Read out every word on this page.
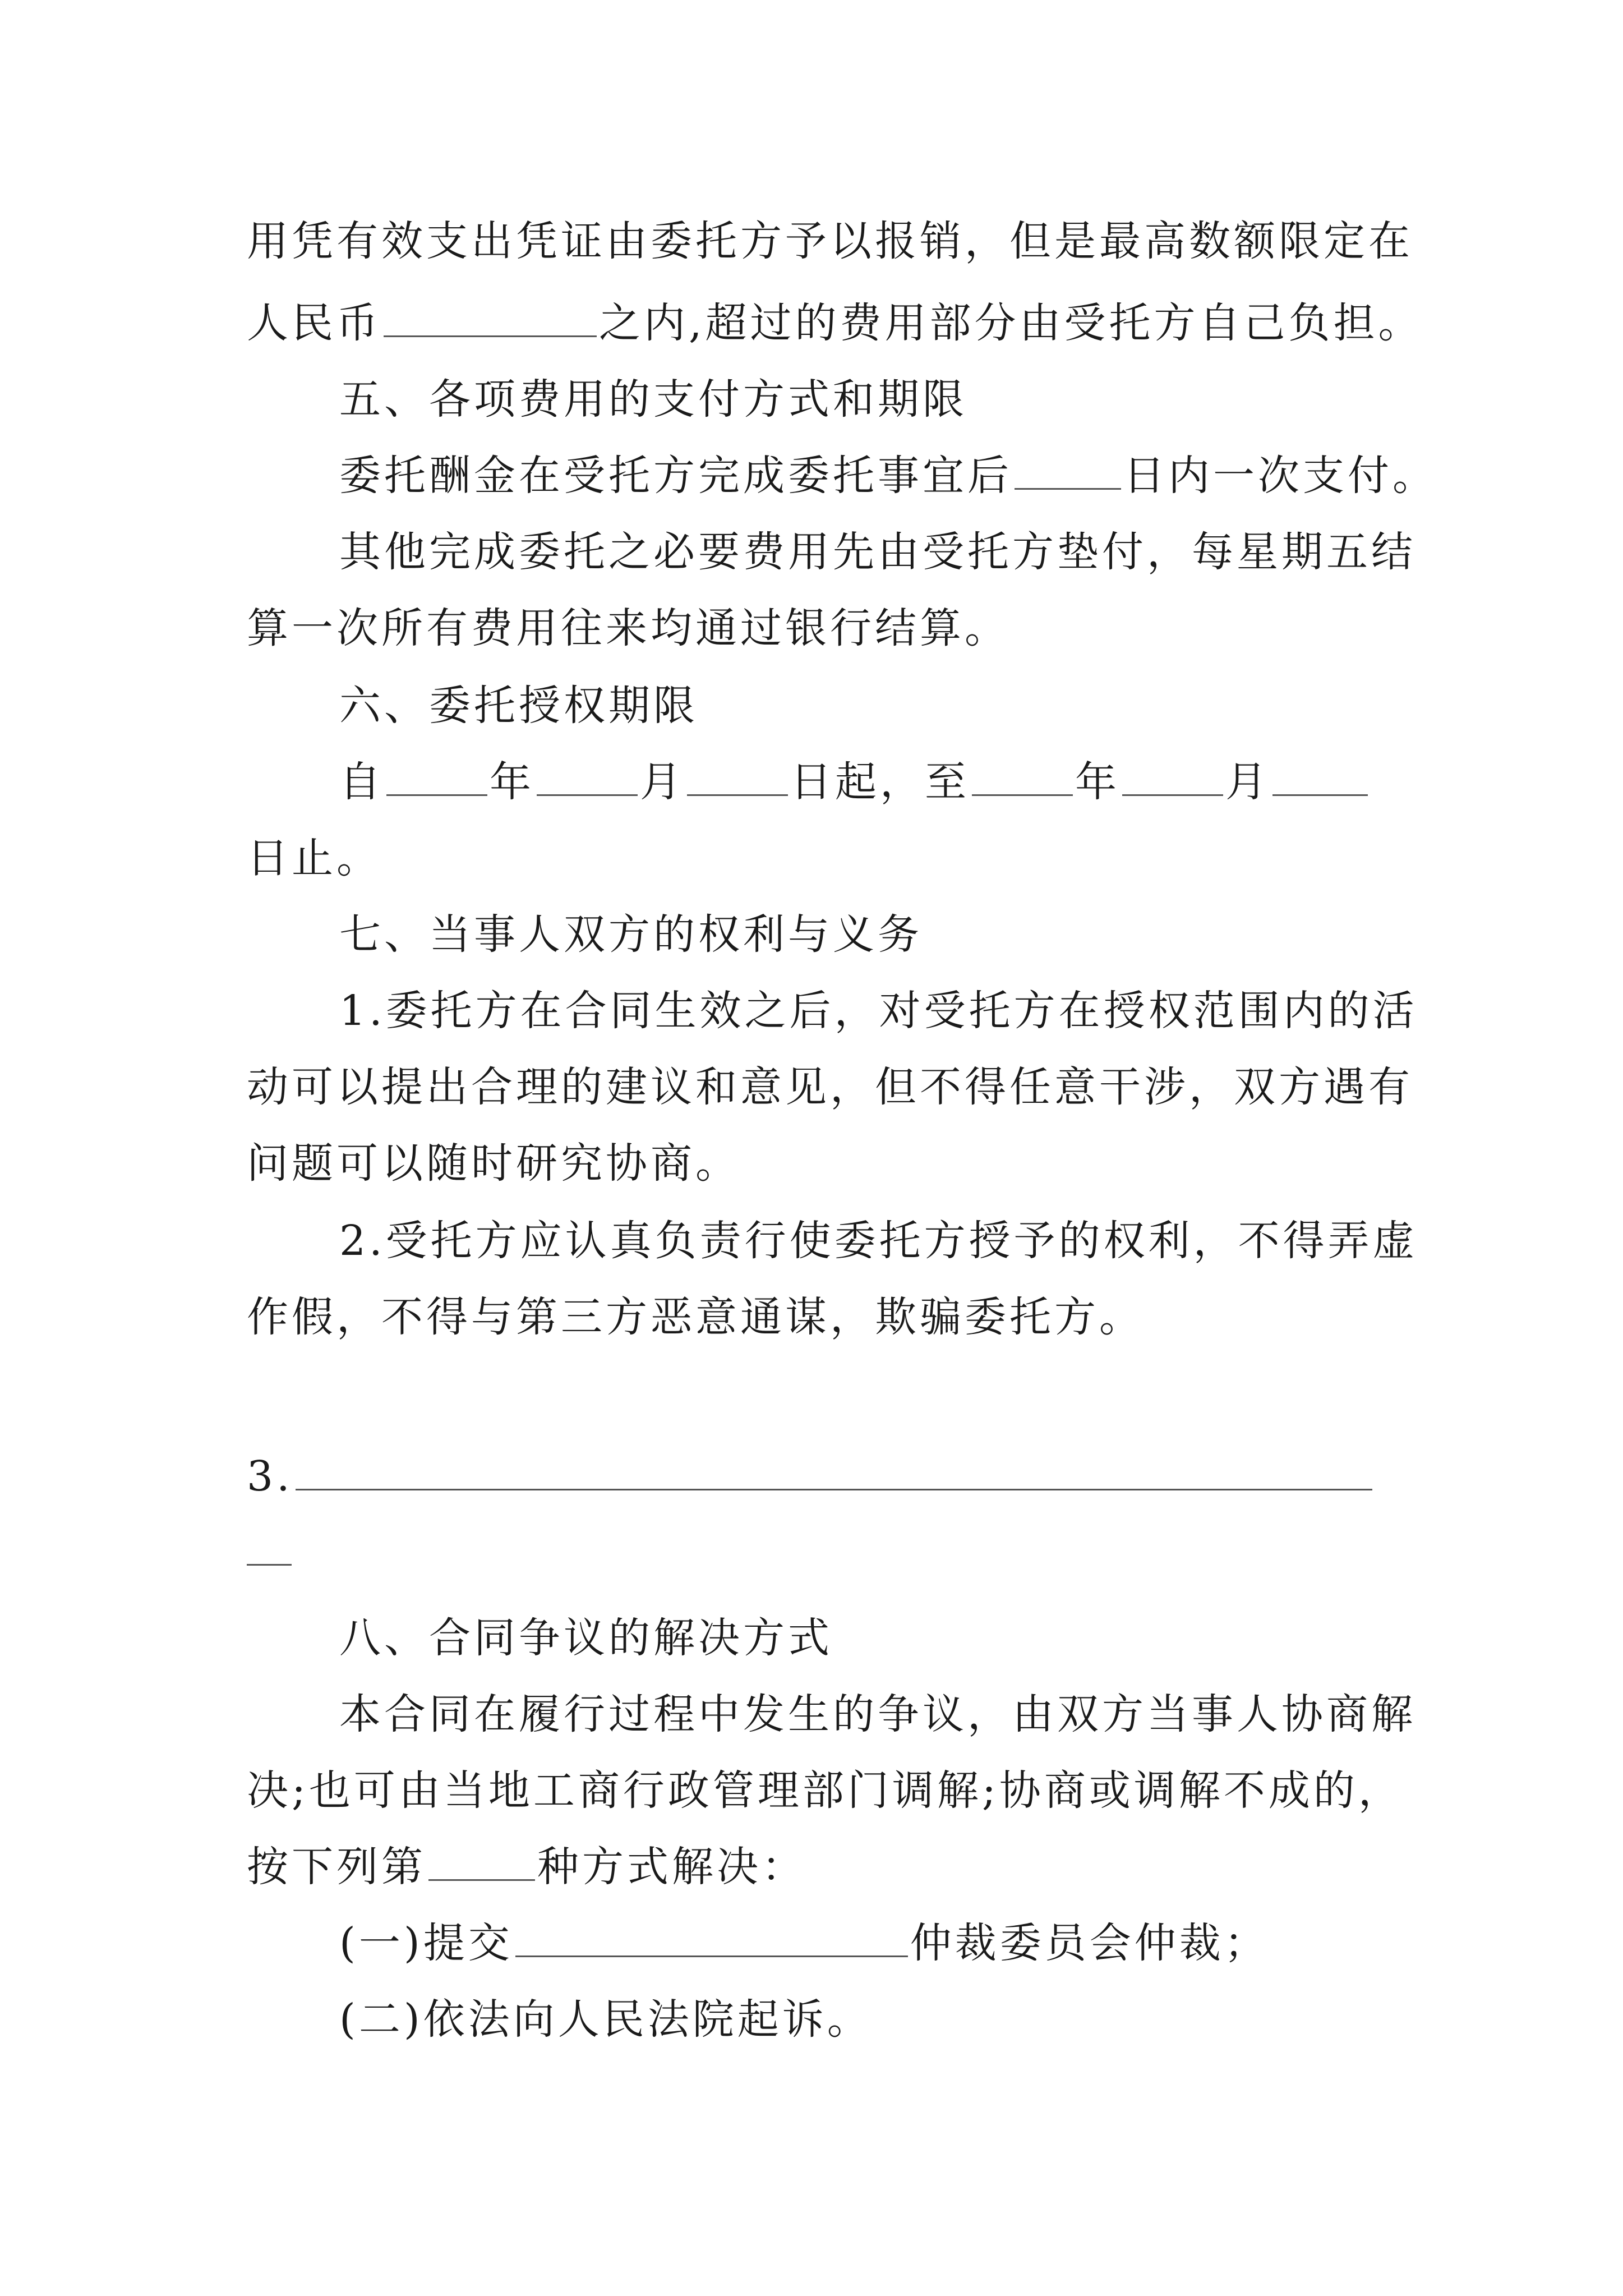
用凭有效支出凭证由委托方予以报销，但是最高数额限定在
人民币	之内,超过的费用部分由受托方自己负担。
五、各项费用的支付方式和期限
委托酬金在受托方完成委托事宜后	日内一次支付。
其他完成委托之必要费用先由受托方垫付，每星期五结
算一次所有费用往来均通过银行结算。
六、委托授权期限
自	年	月	日起，至	年	月
日止。
七、当事人双方的权利与义务
1.委托方在合同生效之后，对受托方在授权范围内的活
动可以提出合理的建议和意见，但不得任意干涉，双方遇有
问题可以随时研究协商。
2.受托方应认真负责行使委托方授予的权利，不得弄虚
作假，不得与第三方恶意通谋，欺骗委托方。
3.
八、合同争议的解决方式
本合同在履行过程中发生的争议，由双方当事人协商解
决;也可由当地工商行政管理部门调解;协商或调解不成的，
按下列第	种方式解决：
(一)提交	仲裁委员会仲裁；
(二)依法向人民法院起诉。
